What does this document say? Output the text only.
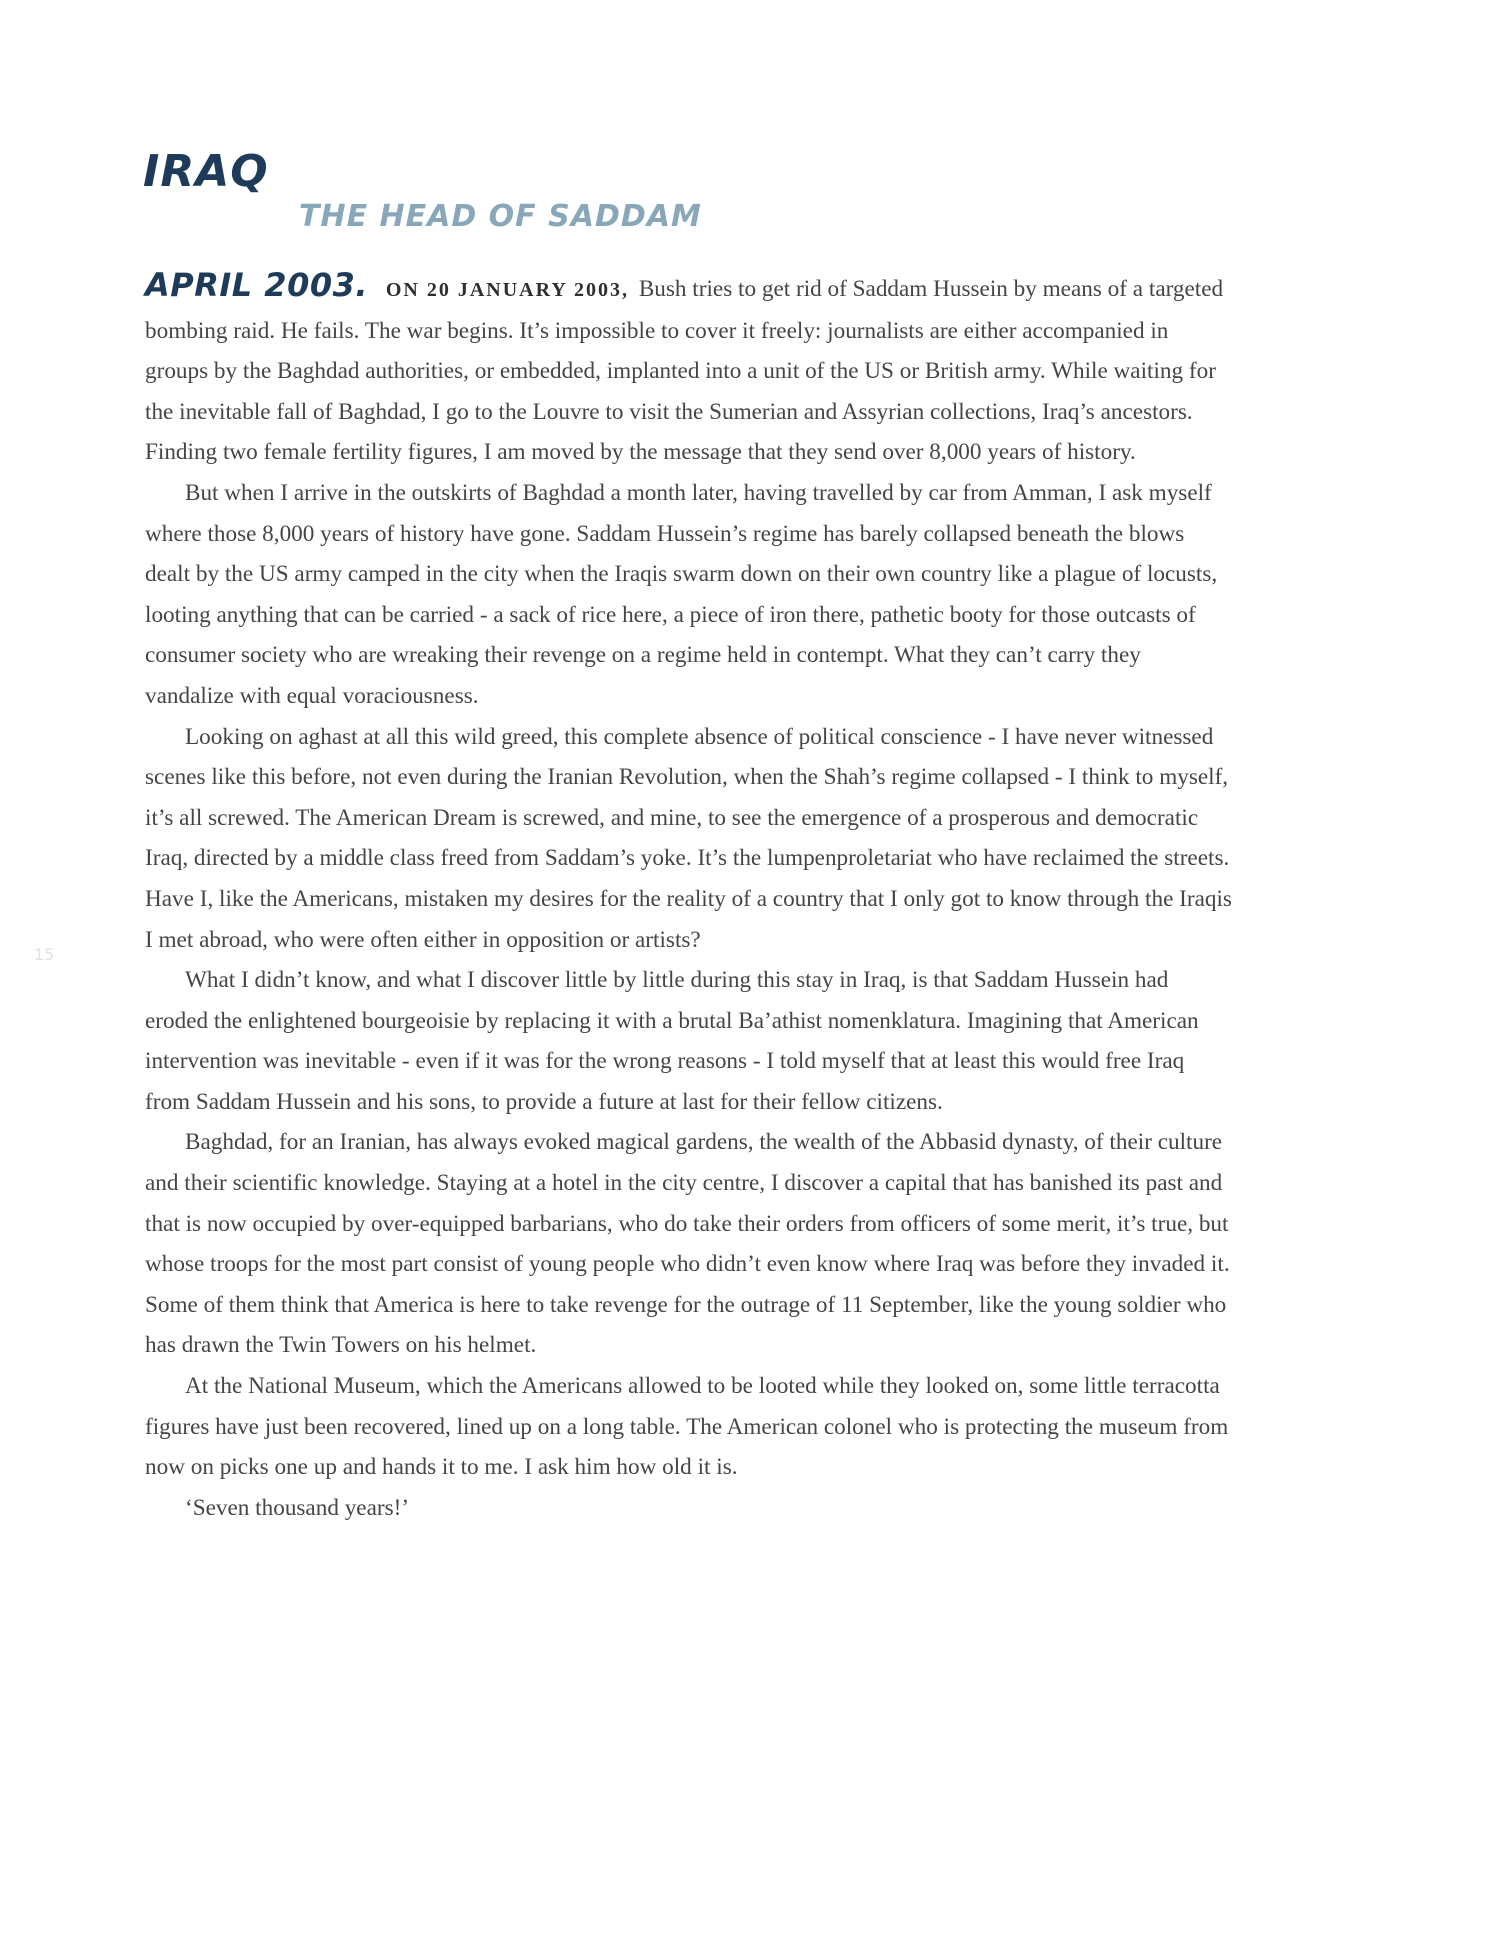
IRAQ
THE HEAD OF SADDAM

APRIL 2003. ON 20 JANUARY 2003, Bush tries to get rid of Saddam Hussein by means of a targeted bombing raid. He fails. The war begins. It’s impossible to cover it freely: journalists are either accompanied in groups by the Baghdad authorities, or embedded, implanted into a unit of the US or British army. While waiting for the inevitable fall of Baghdad, I go to the Louvre to visit the Sumerian and Assyrian collections, Iraq’s ancestors. Finding two female fertility figures, I am moved by the message that they send over 8,000 years of history.

But when I arrive in the outskirts of Baghdad a month later, having travelled by car from Amman, I ask myself where those 8,000 years of history have gone. Saddam Hussein’s regime has barely collapsed beneath the blows dealt by the US army camped in the city when the Iraqis swarm down on their own country like a plague of locusts, looting anything that can be carried - a sack of rice here, a piece of iron there, pathetic booty for those outcasts of consumer society who are wreaking their revenge on a regime held in contempt. What they can’t carry they vandalize with equal voraciousness.

Looking on aghast at all this wild greed, this complete absence of political conscience - I have never witnessed scenes like this before, not even during the Iranian Revolution, when the Shah’s regime collapsed - I think to myself, it’s all screwed. The American Dream is screwed, and mine, to see the emergence of a prosperous and democratic Iraq, directed by a middle class freed from Saddam’s yoke. It’s the lumpenproletariat who have reclaimed the streets. Have I, like the Americans, mistaken my desires for the reality of a country that I only got to know through the Iraqis I met abroad, who were often either in opposition or artists?

What I didn’t know, and what I discover little by little during this stay in Iraq, is that Saddam Hussein had eroded the enlightened bourgeoisie by replacing it with a brutal Ba’athist nomenklatura. Imagining that American intervention was inevitable - even if it was for the wrong reasons - I told myself that at least this would free Iraq from Saddam Hussein and his sons, to provide a future at last for their fellow citizens.

Baghdad, for an Iranian, has always evoked magical gardens, the wealth of the Abbasid dynasty, of their culture and their scientific knowledge. Staying at a hotel in the city centre, I discover a capital that has banished its past and that is now occupied by over-equipped barbarians, who do take their orders from officers of some merit, it’s true, but whose troops for the most part consist of young people who didn’t even know where Iraq was before they invaded it. Some of them think that America is here to take revenge for the outrage of 11 September, like the young soldier who has drawn the Twin Towers on his helmet.

At the National Museum, which the Americans allowed to be looted while they looked on, some little terracotta figures have just been recovered, lined up on a long table. The American colonel who is protecting the museum from now on picks one up and hands it to me. I ask him how old it is.

‘Seven thousand years!’

15
